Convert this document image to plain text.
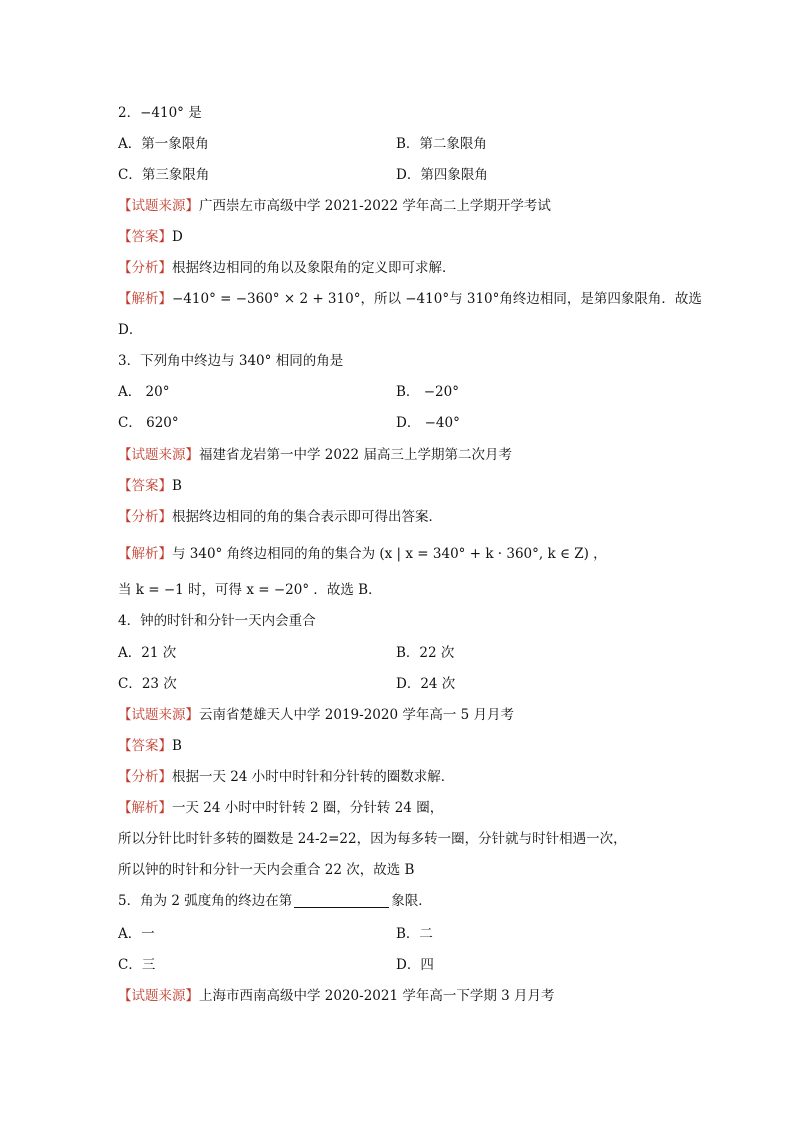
2．−410° 是
A．第一象限角	B．第二象限角
C．第三象限角	D．第四象限角
【试题来源】广西崇左市高级中学 2021-2022 学年高二上学期开学考试
【答案】D
【分析】根据终边相同的角以及象限角的定义即可求解．
【解析】−410° = −360° × 2 + 310°，所以 −410°与 310°角终边相同，是第四象限角．故选
D．
3．下列角中终边与 340° 相同的角是
A． 20°	B． −20°
C． 620°	D． −40°
【试题来源】福建省龙岩第一中学 2022 届高三上学期第二次月考
【答案】B
【分析】根据终边相同的角的集合表示即可得出答案．
【解析】与 340° 角终边相同的角的集合为 (x | x = 340° + k · 360°, k ∈ Z) ，
当 k = −1 时，可得 x = −20° ．故选 B．
4．钟的时针和分针一天内会重合
A．21 次	B．22 次
C．23 次	D．24 次
【试题来源】云南省楚雄天人中学 2019-2020 学年高一 5 月月考
【答案】B
【分析】根据一天 24 小时中时针和分针转的圈数求解．
【解析】一天 24 小时中时针转 2 圈，分针转 24 圈，
所以分针比时针多转的圈数是 24-2=22，因为每多转一圈，分针就与时针相遇一次，
所以钟的时针和分针一天内会重合 22 次，故选 B
5．角为 2 弧度角的终边在第	象限．
A．一	B．二
C．三	D．四
【试题来源】上海市西南高级中学 2020-2021 学年高一下学期 3 月月考
